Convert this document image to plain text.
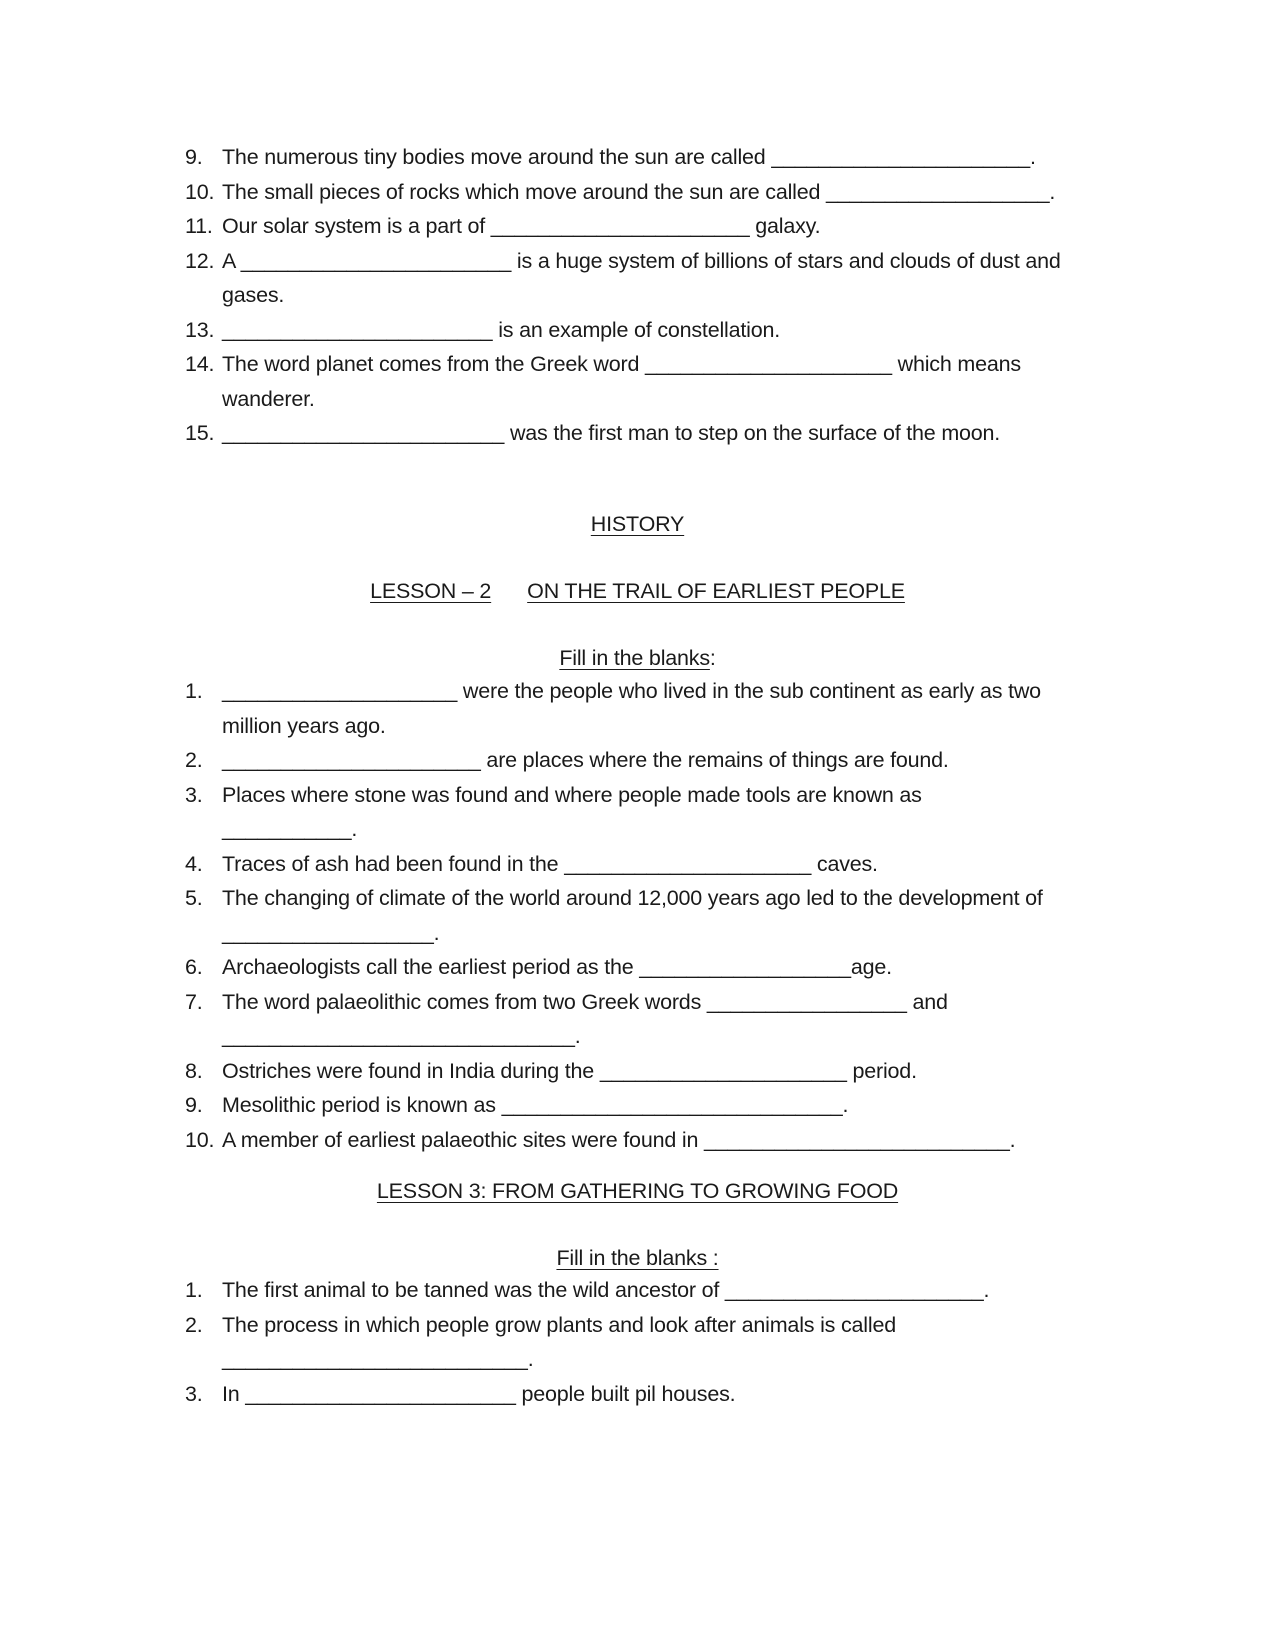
9. The numerous tiny bodies move around the sun are called ______________________.
10. The small pieces of rocks which move around the sun are called ___________________.
11. Our solar system is a part of ______________________ galaxy.
12. A _______________________ is a huge system of billions of stars and clouds of dust and
gases.
13. _______________________ is an example of constellation.
14. The word planet comes from the Greek word _____________________ which means
wanderer.
15. ________________________ was the first man to step on the surface of the moon.
HISTORY
LESSON – 2 ON THE TRAIL OF EARLIEST PEOPLE
Fill in the blanks:
1. ____________________ were the people who lived in the sub continent as early as two
million years ago.
2. ______________________ are places where the remains of things are found.
3. Places where stone was found and where people made tools are known as
___________.
4. Traces of ash had been found in the _____________________ caves.
5. The changing of climate of the world around 12,000 years ago led to the development of
__________________.
6. Archaeologists call the earliest period as the __________________age.
7. The word palaeolithic comes from two Greek words _________________ and
______________________________.
8. Ostriches were found in India during the _____________________ period.
9. Mesolithic period is known as _____________________________.
10. A member of earliest palaeothic sites were found in __________________________.
LESSON 3: FROM GATHERING TO GROWING FOOD
Fill in the blanks :
1. The first animal to be tanned was the wild ancestor of ______________________.
2. The process in which people grow plants and look after animals is called
__________________________.
3. In _______________________ people built pil houses.
